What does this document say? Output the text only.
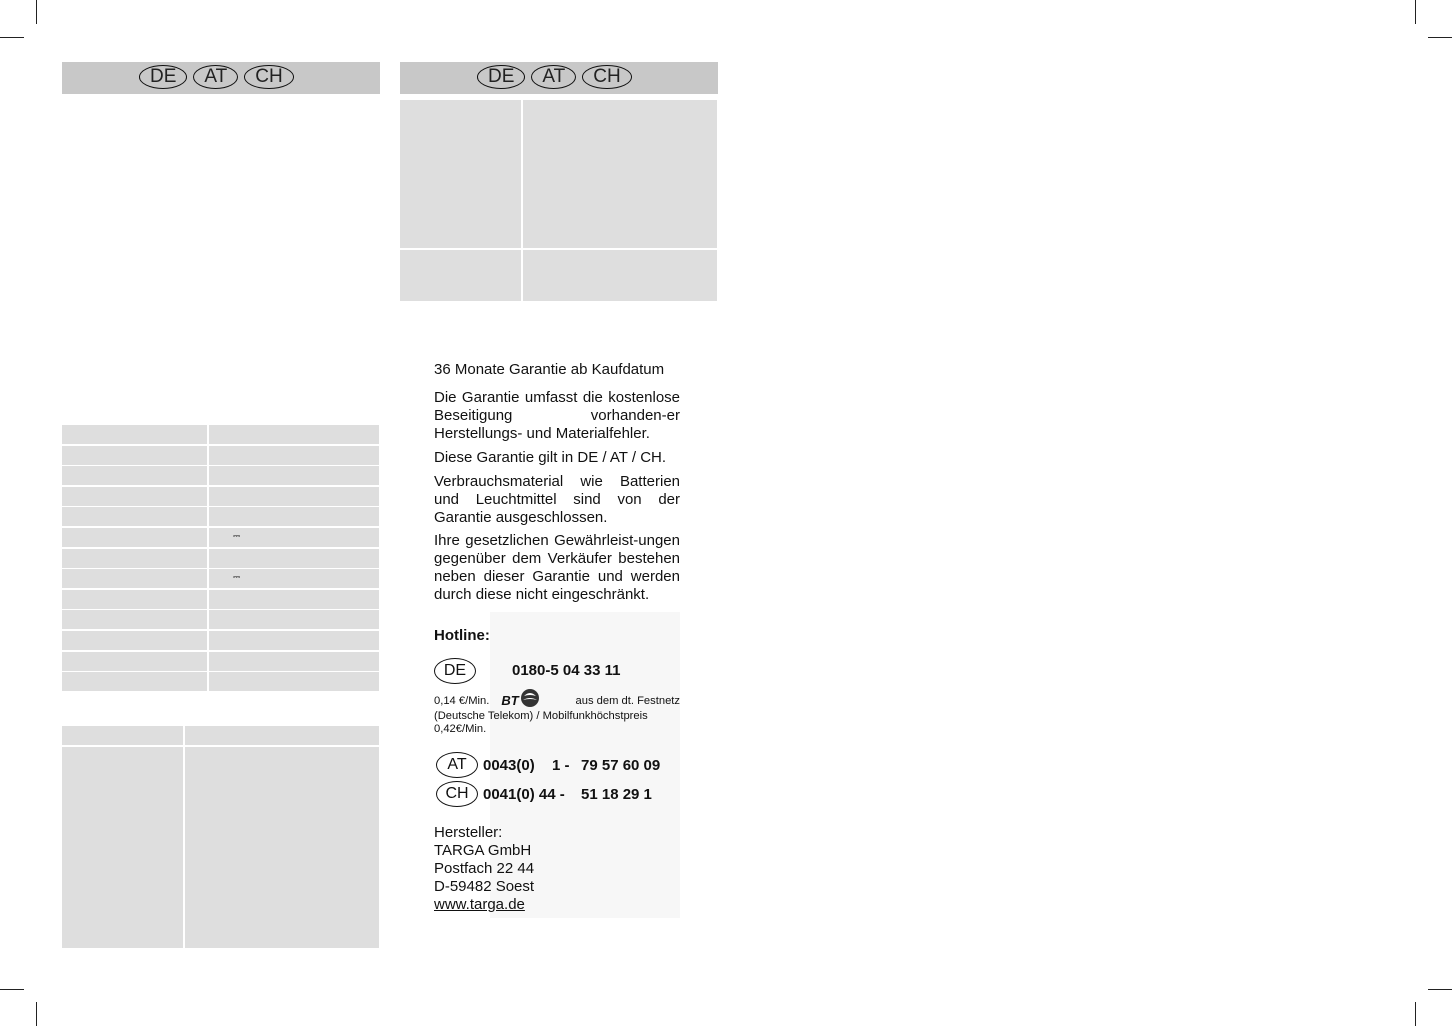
DE	AT	CH	DE	AT	CH
⎓
⎓
36 Monate Garantie ab Kaufdatum
Die Garantie umfasst die kostenlose Beseitigung vorhanden-er Herstellungs- und Materialfehler.
Diese Garantie gilt in DE / AT / CH.
Verbrauchsmaterial wie Batterien und Leuchtmittel sind von der Garantie ausgeschlossen.
Ihre gesetzlichen Gewährleist-ungen gegenüber dem Verkäufer bestehen neben dieser Garantie und werden durch diese nicht eingeschränkt.
Hotline:
DE	0180-5 04 33 11
0,14 €/Min. BT	aus dem dt. Festnetz
(Deutsche Telekom) / Mobilfunkhöchstpreis
0,42€/Min.
AT	0043(0) 1 - 79 57 60 09
CH 0041(0) 44 - 51 18 29 1
Hersteller:
TARGA GmbH
Postfach 22 44
D-59482 Soest
www.targa.de
